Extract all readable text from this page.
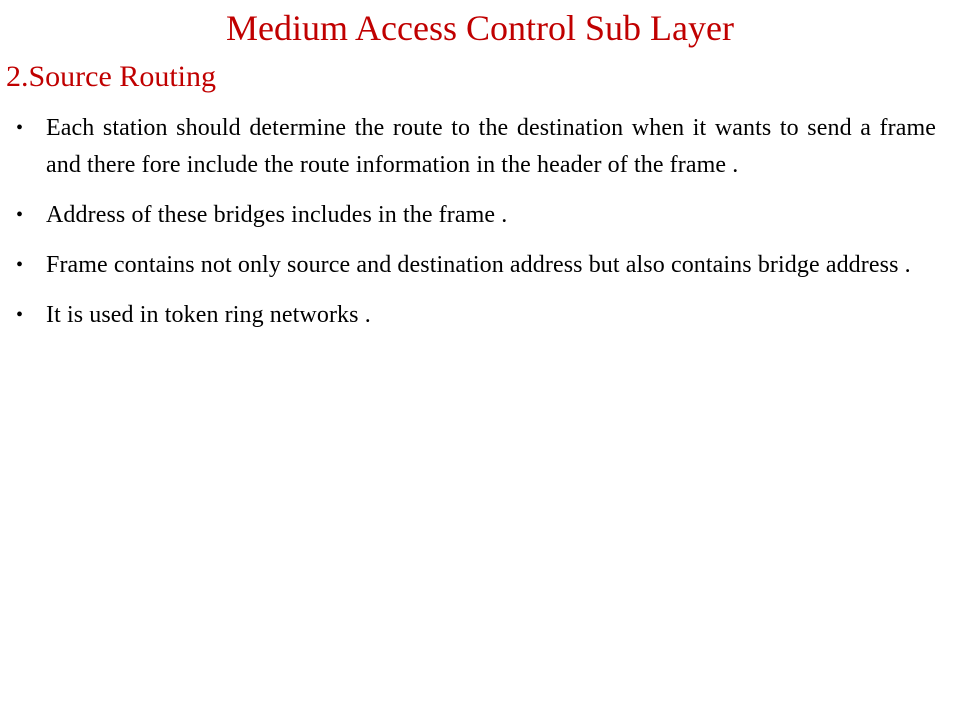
Medium Access Control Sub Layer
2.Source Routing
• Each station should determine the route to the destination when it wants to send a frame and there fore include the route information in the header of the frame .
• Address of these bridges includes in the frame .
• Frame contains not only source and destination address but also contains bridge address .
• It is used in token ring networks .
